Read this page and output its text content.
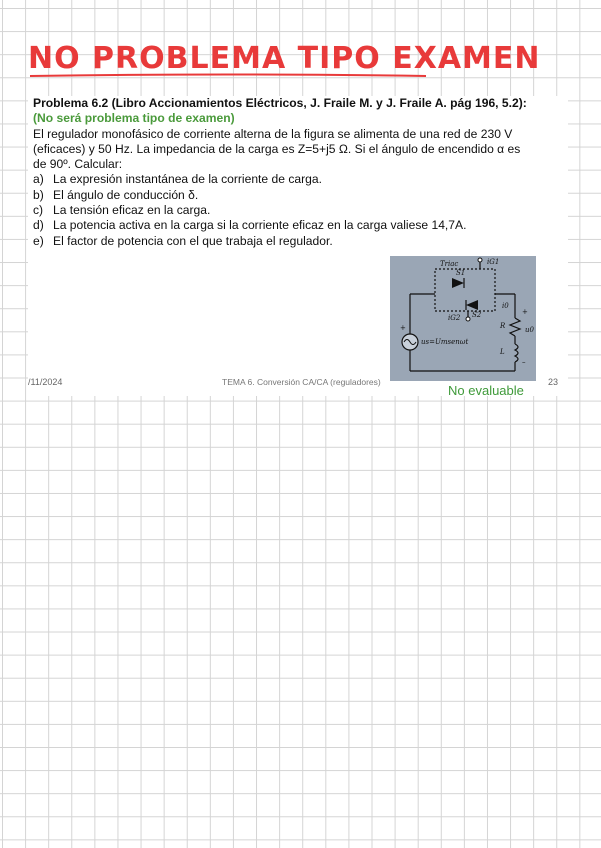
NO PROBLEMA TIPO EXAMEN
Problema 6.2 (Libro Accionamientos Eléctricos, J. Fraile M. y J. Fraile A. pág 196, 5.2):
(No será problema tipo de examen)
El regulador monofásico de corriente alterna de la figura se alimenta de una red de 230 V
(eficaces) y 50 Hz. La impedancia de la carga es Z=5+j5 Ω. Si el ángulo de encendido α es
de 90º. Calcular:
a) La expresión instantánea de la corriente de carga.
b) El ángulo de conducción δ.
c) La tensión eficaz en la carga.
d) La potencia activa en la carga si la corriente eficaz en la carga valiese 14,7A.
e) El factor de potencia con el que trabaja el regulador.
Triac
S1
S2
iG1
iG2
i0
us=Umsenωt
R
L
u0
+
–
+
/11/2024	TEMA 6. Conversión CA/CA (reguladores)
No evaluable
23
